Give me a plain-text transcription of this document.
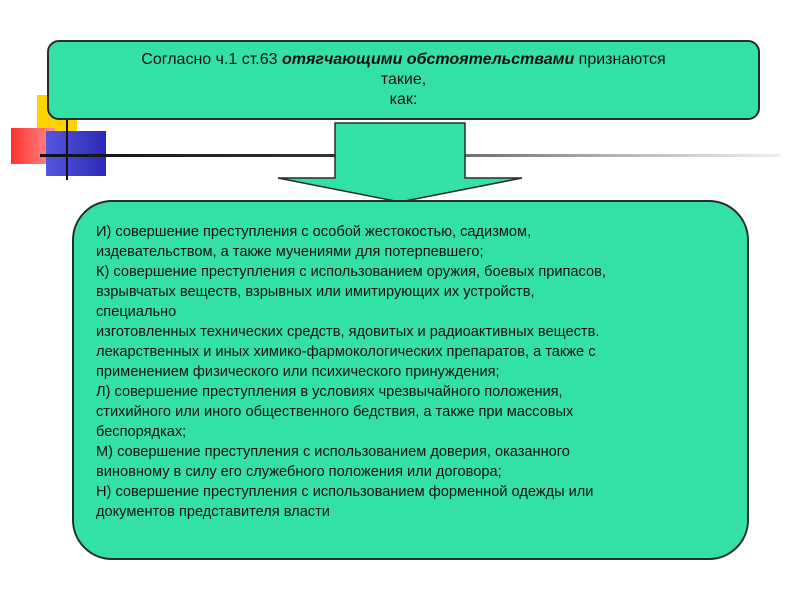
Согласно ч.1 ст.63 отягчающими обстоятельствами признаются
такие,
как:

И) совершение преступления с особой жестокостью, садизмом,

издевательством, а также мучениями для потерпевшего;

К) совершение преступления с использованием оружия, боевых припасов,

взрывчатых веществ, взрывных или имитирующих их устройств,

специально

изготовленных технических средств, ядовитых и радиоактивных веществ.

лекарственных и иных химико-фармокологических препаратов, а также с

применением физического или психического принуждения;

Л) совершение преступления в условиях чрезвычайного положения,

стихийного или иного общественного бедствия, а также при массовых

беспорядках;

М) совершение преступления с использованием доверия, оказанного

виновному в силу его служебного положения или договора;

Н) совершение преступления с использованием форменной одежды или

документов представителя власти
